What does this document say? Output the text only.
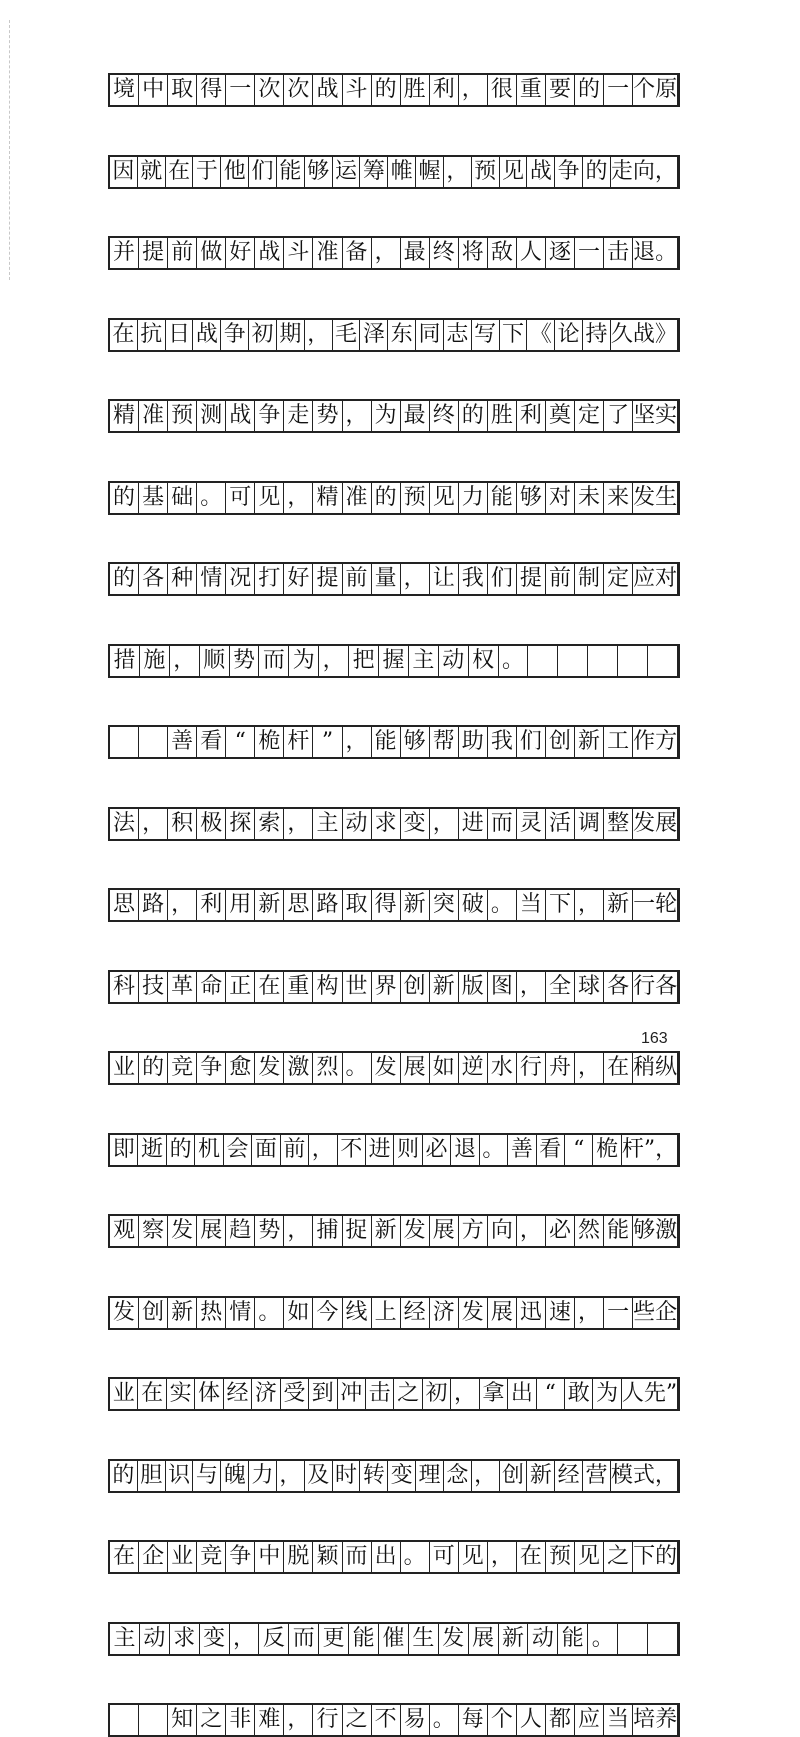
境 中 取 得 一 次 次 战 斗 的 胜 利 ， 很 重 要 的 一 个原
因 就 在 于 他 们 能 够 运 筹 帷 幄 ， 预 见 战 争 的 走向，
并 提 前 做 好 战 斗 准 备 ， 最 终 将 敌 人 逐 一 击 退。
在 抗 日 战 争 初 期 ， 毛 泽 东 同 志 写 下 《 论 持 久战》
精 准 预 测 战 争 走 势 ， 为 最 终 的 胜 利 奠 定 了 坚实
的 基 础 。 可 见 ， 精 准 的 预 见 力 能 够 对 未 来 发生
的 各 种 情 况 打 好 提 前 量 ， 让 我 们 提 前 制 定 应对
措 施 ， 顺 势 而 为 ， 把 握 主 动 权 。
善 看 “ 桅 杆 ” ， 能 够 帮 助 我 们 创 新 工 作方
法 ， 积 极 探 索 ， 主 动 求 变 ， 进 而 灵 活 调 整 发展
思 路 ， 利 用 新 思 路 取 得 新 突 破 。 当 下 ， 新 一轮
科 技 革 命 正 在 重 构 世 界 创 新 版 图 ， 全 球 各 行各
业 的 竞 争 愈 发 激 烈 。 发 展 如 逆 水 行 舟 ， 在 稍纵
即 逝 的 机 会 面 前 ， 不 进 则 必 退 。 善 看 “ 桅 杆”，
观 察 发 展 趋 势 ， 捕 捉 新 发 展 方 向 ， 必 然 能 够激
发 创 新 热 情 。 如 今 线 上 经 济 发 展 迅 速 ， 一 些企
业 在 实 体 经 济 受 到 冲 击 之 初 ， 拿 出 “ 敢 为 人先”
的 胆 识 与 魄 力 ， 及 时 转 变 理 念 ， 创 新 经 营 模式，
在 企 业 竞 争 中 脱 颖 而 出 。 可 见 ， 在 预 见 之 下的
主 动 求 变 ， 反 而 更 能 催 生 发 展 新 动 能 。
知 之 非 难 ， 行 之 不 易 。 每 个 人 都 应 当 培养
163
